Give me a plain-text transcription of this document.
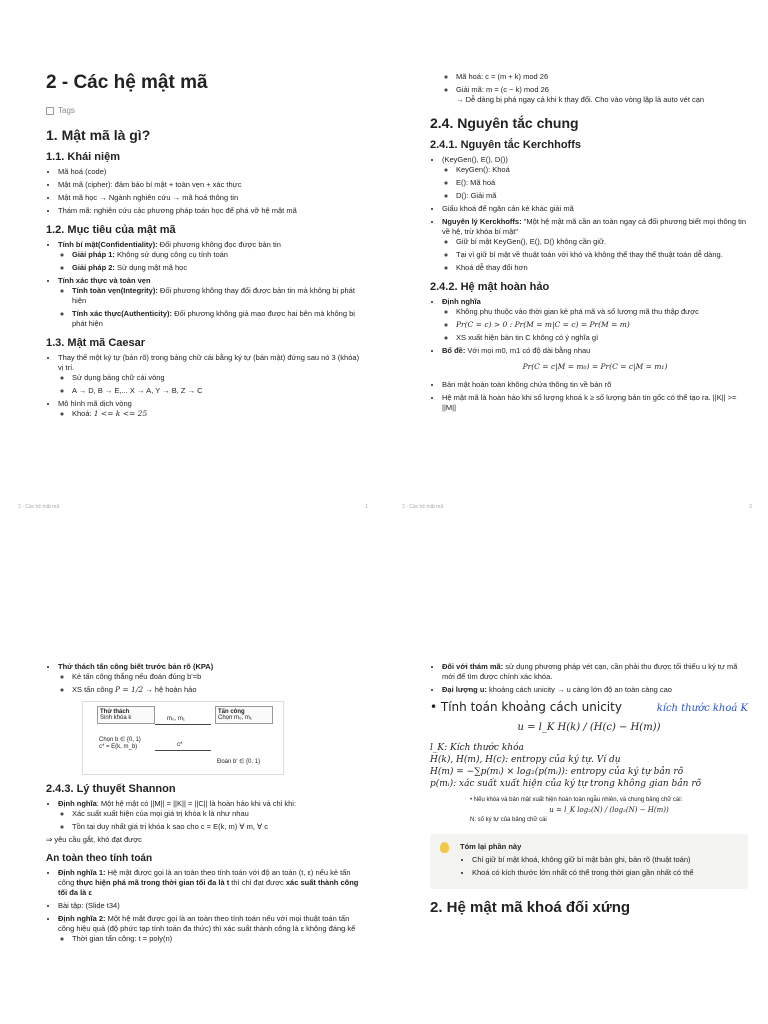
2 - Các hệ mật mã
Tags
1. Mật mã là gì?
1.1. Khái niệm
• Mã hoá (code)
• Mật mã (cipher): đảm bảo bí mật + toàn vẹn + xác thực
• Mật mã học → Ngành nghiên cứu → mã hoá thông tin
• Thám mã: nghiên cứu các phương pháp toán học để phá vỡ hệ mật mã
1.2. Mục tiêu của mật mã
• Tính bí mật(Confidentiality): Đối phương không đọc được bản tin
◦ Giải pháp 1: Không sử dụng công cụ tính toán
◦ Giải pháp 2: Sử dụng mật mã học
• Tính xác thực và toàn vẹn
◦ Tính toàn vẹn(Integrity): Đối phương không thay đổi được bản tin mà không bị phát hiện
◦ Tính xác thực(Authenticity): Đối phương không giả mạo được hai bên mà không bị phát hiện
1.3. Mật mã Caesar
• Thay thế một ký tự (bản rõ) trong bảng chữ cái bằng ký tự (bản mật) đứng sau nó 3 (khóa) vị trí.
◦ Sử dụng bảng chữ cái vòng
◦ A → D, B → E,... X → A, Y → B, Z → C
• Mô hình mã dịch vòng
◦ Khoá: 1 <= k <= 25
2 - Các hệ mật mã	1
◦ Mã hoá: c = (m + k) mod 26
◦ Giải mã: m = (c − k) mod 26
→ Dễ dàng bị phá ngay cả khi k thay đổi. Cho vào vòng lặp là auto vét cạn
2.4. Nguyên tắc chung
2.4.1. Nguyên tắc Kerchhoffs
• (KeyGen(), E(), D())
◦ KeyGen(): Khoá
◦ E(): Mã hoá
◦ D(): Giải mã
• Giấu khoá để ngăn cản kẻ khác giải mã
• Nguyên lý Kerckhoffs: "Một hệ mật mã cần an toàn ngay cả đối phương biết mọi thông tin về hệ, trừ khóa bí mật"
◦ Giữ bí mật KeyGen(), E(), D() không cần giữ.
◦ Tại vì giữ bí mật về thuật toán với khó và không thể thay thế thuật toán dễ dàng.
◦ Khoá dễ thay đổi hơn
2.4.2. Hệ mật hoàn hảo
• Định nghĩa
◦ Không phụ thuộc vào thời gian kẻ phá mã và số lượng mã thu thập được
◦ Pr(C = c) > 0 : Pr(M = m|C = c) = Pr(M = m)
◦ XS xuất hiện bản tin C không có ý nghĩa gì
• Bổ đề: Với mọi m0, m1 có độ dài bằng nhau
Pr(C = c|M = m₀) = Pr(C = c|M = m₁)
• Bản mật hoàn toàn không chứa thông tin về bản rõ
• Hệ mật mã là hoàn hảo khi số lượng khoá k ≥ số lượng bản tin gốc có thể tạo ra. ||K|| >= ||M||
2 - Các hệ mật mã	2
• Thử thách tấn công biết trước bản rõ (KPA)
◦ Kẻ tấn công thắng nếu đoán đúng b'=b
◦ XS tấn công P = 1/2 → hệ hoàn hảo
Thử thách
Sinh khóa k
Tấn công
Chọn m₀, m₁
m₀, m₁
Chọn b ∈ {0, 1}
c* = E(k, m_b)	c*
Đoán b' ∈ {0, 1}
2.4.3. Lý thuyết Shannon
• Định nghĩa: Một hệ mật có ||M|| = ||K|| = ||C|| là hoàn hảo khi và chỉ khi:
◦ Xác suất xuất hiện của mọi giá trị khóa k là như nhau
◦ Tồn tại duy nhất giá trị khóa k sao cho c = E(k, m) ∀ m, ∀ c
⇒ yêu cầu gắt, khó đạt được
An toàn theo tính toán
• Định nghĩa 1: Hệ mật được gọi là an toàn theo tính toán với độ an toàn (t, ε) nếu kẻ tấn công thực hiện phá mã trong thời gian tối đa là t thì chỉ đạt được xác suất thành công tối đa là ε
• Bài tập: (Slide t34)
• Định nghĩa 2: Một hệ mật được gọi là an toàn theo tính toán nếu với mọi thuật toán tấn công hiệu quả (độ phức tạp tính toán đa thức) thì xác suất thành công là ε không đáng kể
◦ Thời gian tấn công: t = poly(n)
• Đối với thám mã: sử dụng phương pháp vét cạn, cần phải thu được tối thiểu u ký tự mã mới để tìm được chính xác khóa.
• Đại lượng u: khoảng cách unicity → u càng lớn độ an toàn càng cao
• Tính toán khoảng cách unicity	kích thước khoá K
u = l_K H(k) / (H(c) − H(m))
l_K: Kích thước khóa
H(k), H(m), H(c): entropy của ký tự. Ví dụ
H(m) = −∑p(mᵢ) × log₂(p(mᵢ)): entropy của ký tự bản rõ
p(mᵢ): xác suất xuất hiện của ký tự trong không gian bản rõ
• Nếu khóa và bản mật xuất hiện hoàn toàn ngẫu nhiên, và chung bảng chữ cái:
u = l_K log₂(N) / (log₂(N) − H(m))
N: số ký tự của bảng chữ cái
Tóm lại phần này
• Chỉ giữ bí mật khoá, không giữ bí mật bản ghi, bản rõ (thuật toán)
• Khoá có kích thước lớn nhất có thể trong thời gian gần nhất có thể
2. Hệ mật mã khoá đối xứng
